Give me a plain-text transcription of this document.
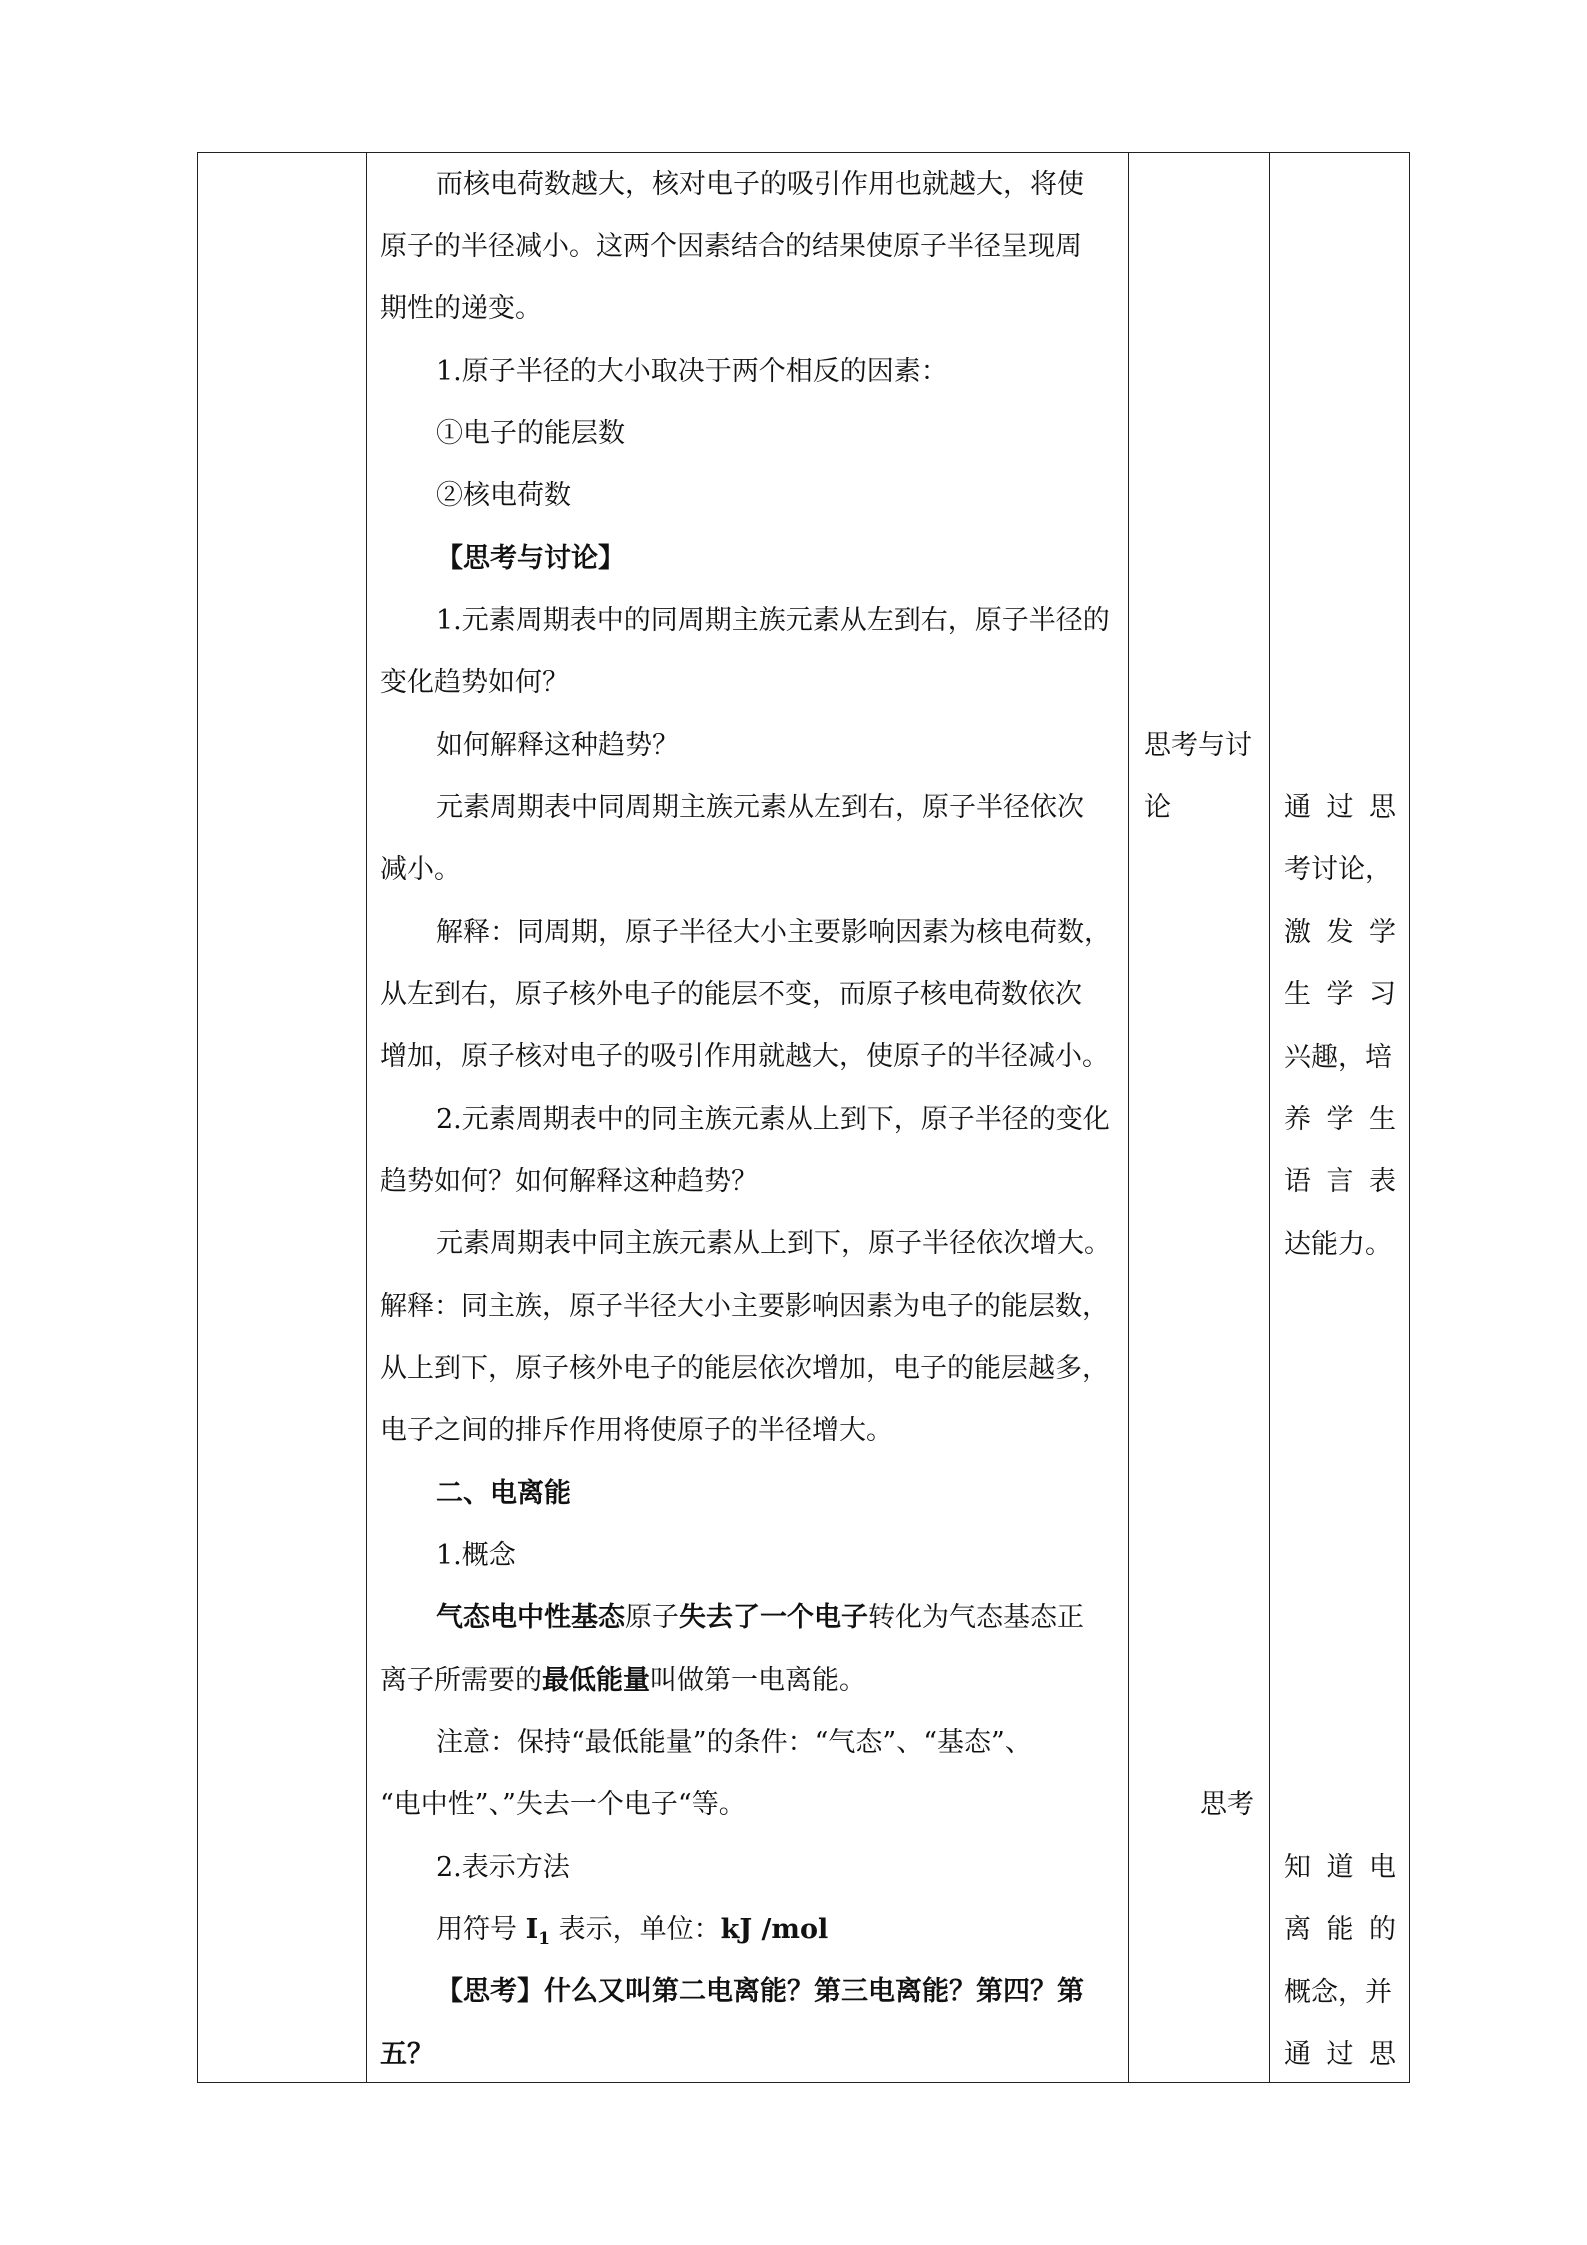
而核电荷数越大，核对电子的吸引作用也就越大，将使
原子的半径减小。这两个因素结合的结果使原子半径呈现周
期性的递变。
1.原子半径的大小取决于两个相反的因素：
①电子的能层数
②核电荷数
【思考与讨论】
1.元素周期表中的同周期主族元素从左到右，原子半径的
变化趋势如何？
如何解释这种趋势？
元素周期表中同周期主族元素从左到右，原子半径依次
减小。
解释：同周期，原子半径大小主要影响因素为核电荷数，
从左到右，原子核外电子的能层不变，而原子核电荷数依次
增加，原子核对电子的吸引作用就越大，使原子的半径减小。
2.元素周期表中的同主族元素从上到下，原子半径的变化
趋势如何？如何解释这种趋势？
元素周期表中同主族元素从上到下，原子半径依次增大。
解释：同主族，原子半径大小主要影响因素为电子的能层数，
从上到下，原子核外电子的能层依次增加，电子的能层越多，
电子之间的排斥作用将使原子的半径增大。
二、电离能
1.概念
气态电中性基态原子失去了一个电子转化为气态基态正
离子所需要的最低能量叫做第一电离能。
注意：保持“最低能量”的条件：“气态”、“基态”、
“电中性”、”失去一个电子“等。
2.表示方法
用符号 $I_1$ 表示，单位：kJ /mol
【思考】什么又叫第二电离能？第三电离能？第四？第
五？
思考与讨
论
思考
通 过 思
考讨论，
激 发 学
生 学 习
兴趣，培
养 学 生
语 言 表
达能力。
知 道 电
离 能 的
概念，并
通 过 思
